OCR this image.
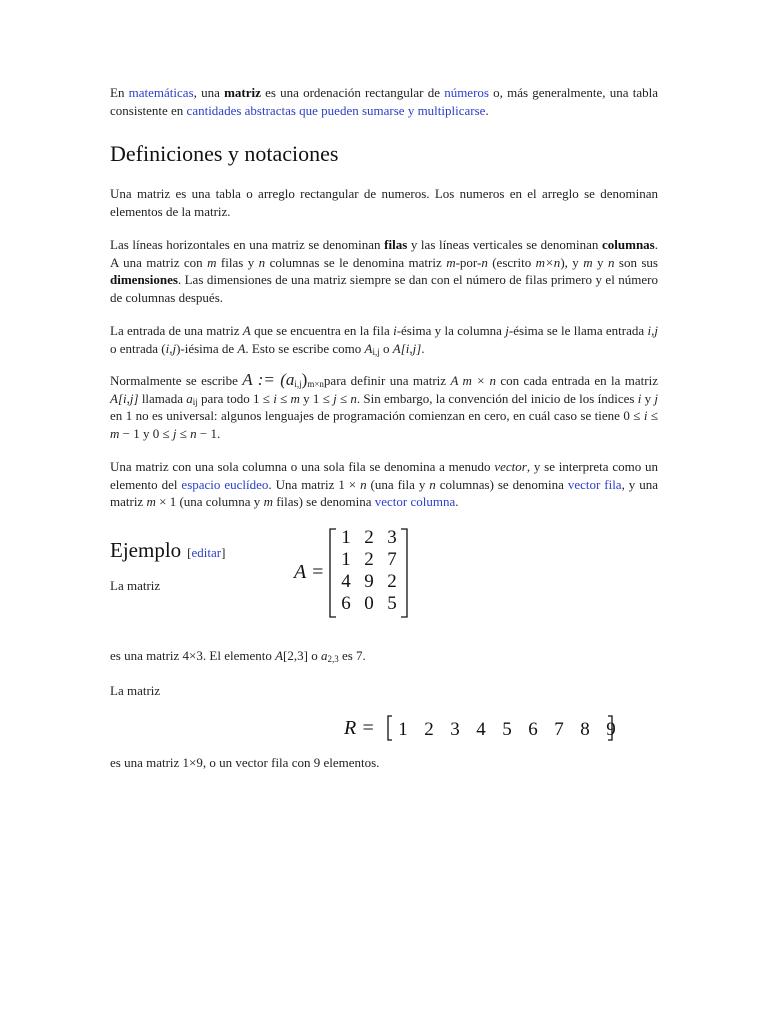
En matemáticas, una matriz es una ordenación rectangular de números o, más generalmente, una tabla consistente en cantidades abstractas que pueden sumarse y multiplicarse.

Definiciones y notaciones

Una matriz es una tabla o arreglo rectangular de numeros. Los numeros en el arreglo se denominan elementos de la matriz.

Las líneas horizontales en una matriz se denominan filas y las líneas verticales se denominan columnas. A una matriz con m filas y n columnas se le denomina matriz m-por-n (escrito m×n), y m y n son sus dimensiones. Las dimensiones de una matriz siempre se dan con el número de filas primero y el número de columnas después.

La entrada de una matriz A que se encuentra en la fila i-ésima y la columna j-ésima se le llama entrada i,j o entrada (i,j)-iésima de A. Esto se escribe como $A_{i,j}$ o A[i,j].

Normalmente se escribe A := $(a_{i,j})_{m\times n}para$ definir una matriz A m × n con cada entrada en la matriz A[i,j] llamada $a_{ij}$ para todo 1 ≤ i ≤ m y 1 ≤ j ≤ n. Sin embargo, la convención del inicio de los índices i y j en 1 no es universal: algunos lenguajes de programación comienzan en cero, en cuál caso se tiene 0 ≤ i ≤ m − 1 y 0 ≤ j ≤ n − 1.

Una matriz con una sola columna o una sola fila se denomina a menudo vector, y se interpreta como un elemento del espacio euclídeo. Una matriz 1 × n (una fila y n columnas) se denomina vector fila, y una matriz m × 1 (una columna y m filas) se denomina vector columna.

Ejemplo [editar]
La matriz
A =
1 2 3
1 2 7
4 9 2
6 0 5

es una matriz 4×3. El elemento A[2,3] o $a_{2,3}$ es 7.

La matriz

R = 1 2 3 4 5 6 7 8 9

es una matriz 1×9, o un vector fila con 9 elementos.
